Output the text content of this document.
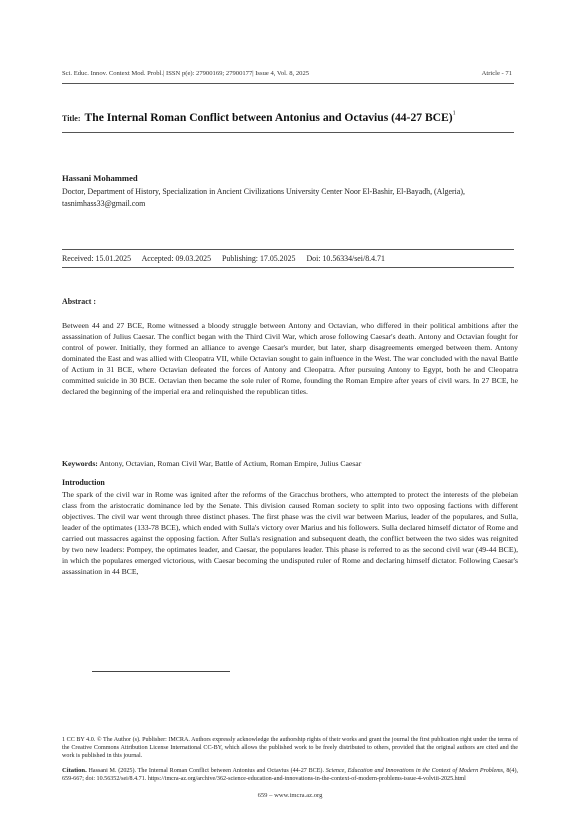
Sci. Educ. Innov. Context Mod. Probl.| ISSN p(e): 27900169; 27900177| Issue 4, Vol. 8, 2025	Atricle - 71
Title: The Internal Roman Conflict between Antonius and Octavius (44-27 BCE)$^1$
Hassani Mohammed
Doctor, Department of History, Specialization in Ancient Civilizations University Center Noor El-Bashir, El-Bayadh, (Algeria), tasnimhass33@gmail.com
Received: 15.01.2025 Accepted: 09.03.2025 Publishing: 17.05.2025 Doi: 10.56334/sei/8.4.71
Abstract :
Between 44 and 27 BCE, Rome witnessed a bloody struggle between Antony and Octavian, who differed in their political ambitions after the assassination of Julius Caesar. The conflict began with the Third Civil War, which arose following Caesar's death. Antony and Octavian fought for control of power. Initially, they formed an alliance to avenge Caesar's murder, but later, sharp disagreements emerged between them. Antony dominated the East and was allied with Cleopatra VII, while Octavian sought to gain influence in the West. The war concluded with the naval Battle of Actium in 31 BCE, where Octavian defeated the forces of Antony and Cleopatra. After pursuing Antony to Egypt, both he and Cleopatra committed suicide in 30 BCE. Octavian then became the sole ruler of Rome, founding the Roman Empire after years of civil wars. In 27 BCE, he declared the beginning of the imperial era and relinquished the republican titles.
Keywords: Antony, Octavian, Roman Civil War, Battle of Actium, Roman Empire, Julius Caesar
Introduction
The spark of the civil war in Rome was ignited after the reforms of the Gracchus brothers, who attempted to protect the interests of the plebeian class from the aristocratic dominance led by the Senate. This division caused Roman society to split into two opposing factions with different objectives. The civil war went through three distinct phases. The first phase was the civil war between Marius, leader of the populares, and Sulla, leader of the optimates (133-78 BCE), which ended with Sulla's victory over Marius and his followers. Sulla declared himself dictator of Rome and carried out massacres against the opposing faction. After Sulla's resignation and subsequent death, the conflict between the two sides was reignited by two new leaders: Pompey, the optimates leader, and Caesar, the populares leader. This phase is referred to as the second civil war (49-44 BCE), in which the populares emerged victorious, with Caesar becoming the undisputed ruler of Rome and declaring himself dictator. Following Caesar's assassination in 44 BCE,
1 CC BY 4.0. © The Author (s). Publisher: IMCRA. Authors expressly acknowledge the authorship rights of their works and grant the journal the first publication right under the terms of the Creative Commons Attribution License International CC-BY, which allows the published work to be freely distributed to others, provided that the original authors are cited and the work is published in this journal.
Citation. Hassani M. (2025). The Internal Roman Conflict between Antonius and Octavius (44-27 BCE). Science, Education and Innovations in the Context of Modern Problems, 8(4), 659-667; doi: 10.56352/sei/8.4.71. https://imcra-az.org/archive/362-science-education-and-innovations-in-the-context-of-modern-problems-issue-4-volviii-2025.html
659 – www.imcra.az.org
